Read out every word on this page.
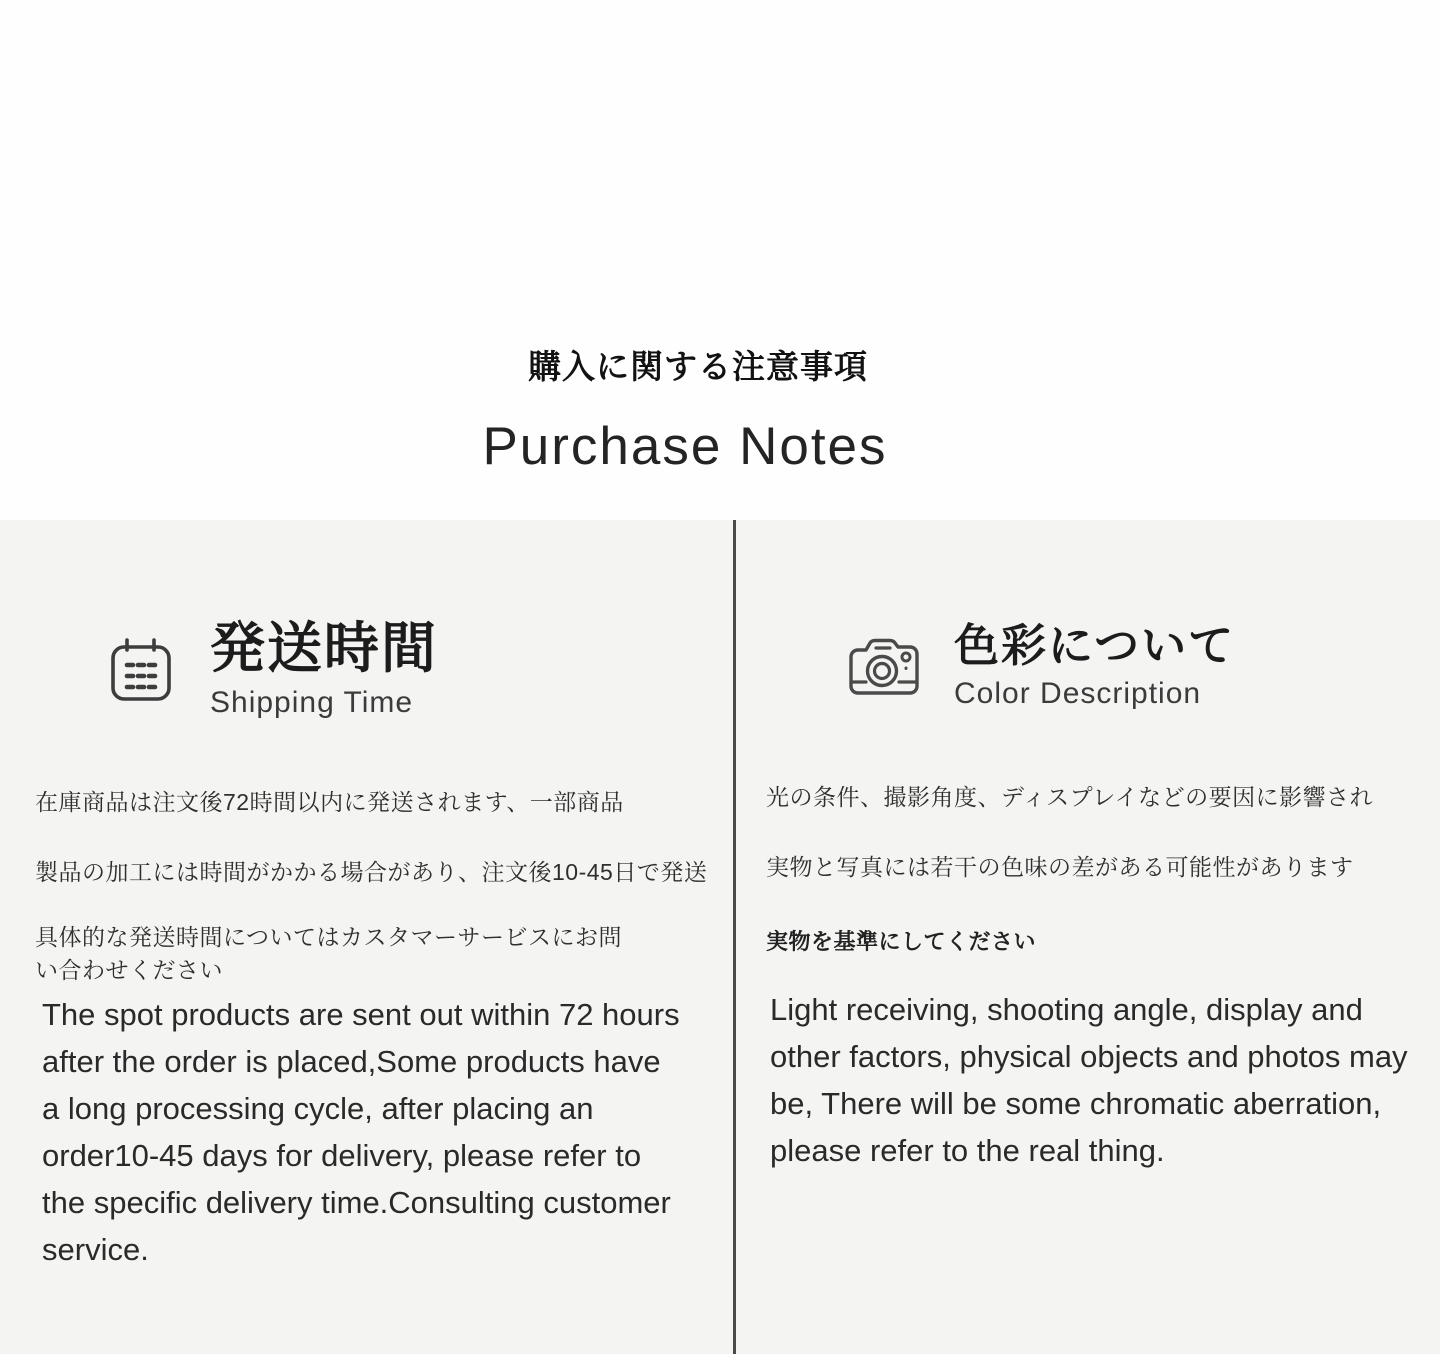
購入に関する注意事項
Purchase Notes
発送時間
Shipping Time

在庫商品は注文後72時間以内に発送されます、一部商品

製品の加工には時間がかかる場合があり、注文後10-45日で発送

具体的な発送時間についてはカスタマーサービスにお問い合わせください

The spot products are sent out within 72 hours after the order is placed,Some products have a long processing cycle, after placing an order10-45 days for delivery, please refer to the specific delivery time.Consulting customer service.

色彩について
Color Description

光の条件、撮影角度、ディスプレイなどの要因に影響され

実物と写真には若干の色味の差がある可能性があります

実物を基準にしてください

Light receiving, shooting angle, display and other factors, physical objects and photos may be, There will be some chromatic aberration, please refer to the real thing.
